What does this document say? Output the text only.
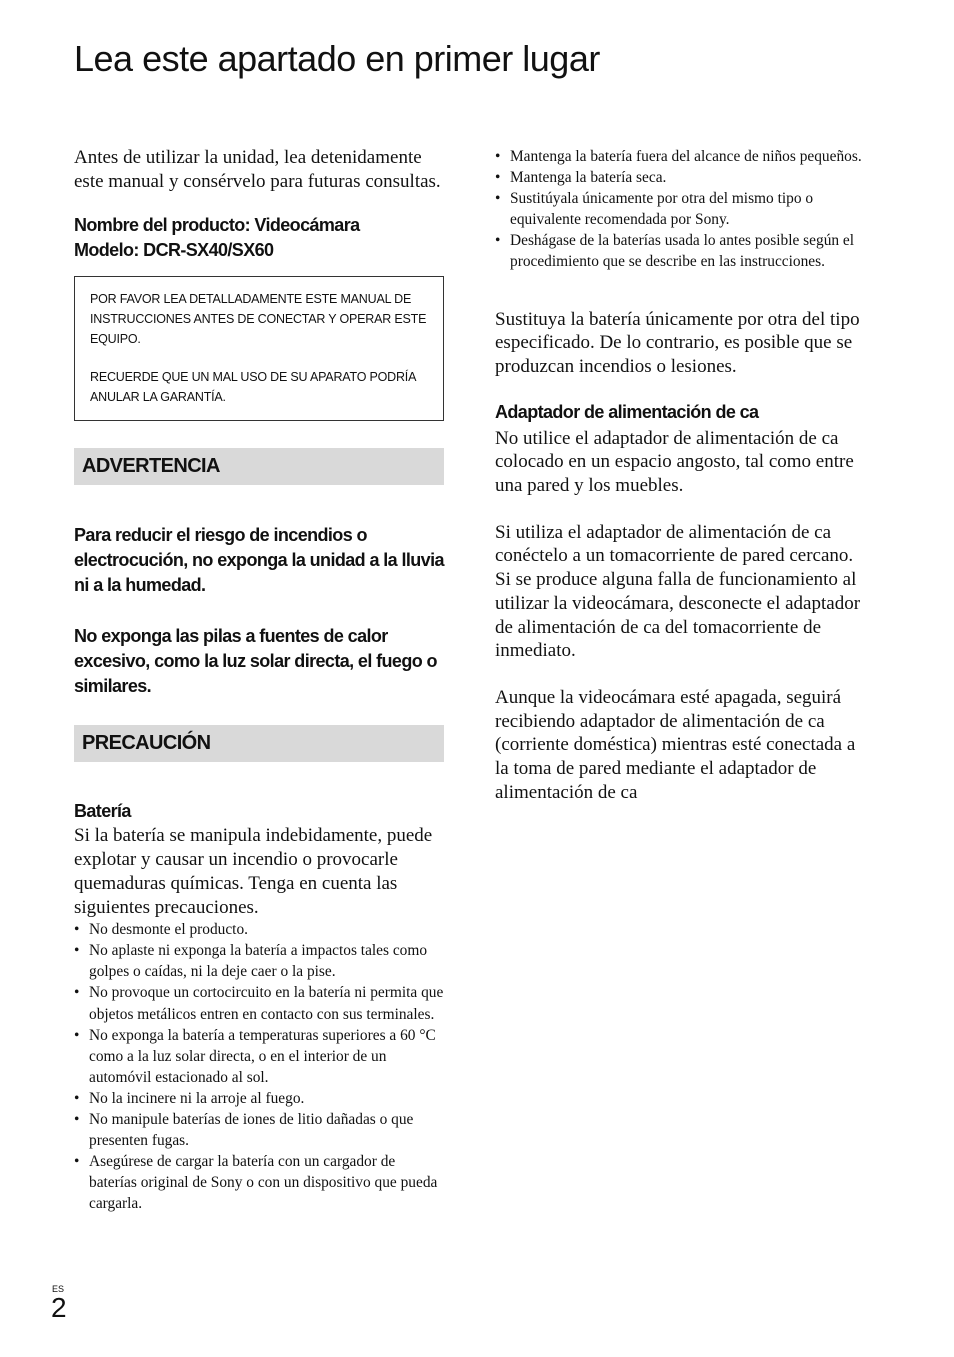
Lea este apartado en primer lugar

Antes de utilizar la unidad, lea detenidamente este manual y consérvelo para futuras consultas.

Nombre del producto: Videocámara
Modelo: DCR-SX40/SX60

POR FAVOR LEA DETALLADAMENTE ESTE MANUAL DE INSTRUCCIONES ANTES DE CONECTAR Y OPERAR ESTE EQUIPO.

RECUERDE QUE UN MAL USO DE SU APARATO PODRÍA ANULAR LA GARANTÍA.

ADVERTENCIA

Para reducir el riesgo de incendios o electrocución, no exponga la unidad a la lluvia ni a la humedad.

No exponga las pilas a fuentes de calor excesivo, como la luz solar directa, el fuego o similares.

PRECAUCIÓN
Batería

Si la batería se manipula indebidamente, puede explotar y causar un incendio o provocarle quemaduras químicas. Tenga en cuenta las siguientes precauciones.

• No desmonte el producto.
• No aplaste ni exponga la batería a impactos tales como golpes o caídas, ni la deje caer o la pise.
• No provoque un cortocircuito en la batería ni permita que objetos metálicos entren en contacto con sus terminales.
• No exponga la batería a temperaturas superiores a 60 °C como a la luz solar directa, o en el interior de un automóvil estacionado al sol.
• No la incinere ni la arroje al fuego.
• No manipule baterías de iones de litio dañadas o que presenten fugas.
• Asegúrese de cargar la batería con un cargador de baterías original de Sony o con un dispositivo que pueda cargarla.
• Mantenga la batería fuera del alcance de niños pequeños.
• Mantenga la batería seca.
• Sustitúyala únicamente por otra del mismo tipo o equivalente recomendada por Sony.
• Deshágase de la baterías usada lo antes posible según el procedimiento que se describe en las instrucciones.

Sustituya la batería únicamente por otra del tipo especificado. De lo contrario, es posible que se produzcan incendios o lesiones.

Adaptador de alimentación de ca

No utilice el adaptador de alimentación de ca colocado en un espacio angosto, tal como entre una pared y los muebles.

Si utiliza el adaptador de alimentación de ca conéctelo a un tomacorriente de pared cercano. Si se produce alguna falla de funcionamiento al utilizar la videocámara, desconecte el adaptador de alimentación de ca del tomacorriente de inmediato.

Aunque la videocámara esté apagada, seguirá recibiendo adaptador de alimentación de ca (corriente doméstica) mientras esté conectada a la toma de pared mediante el adaptador de alimentación de ca

ES
2
